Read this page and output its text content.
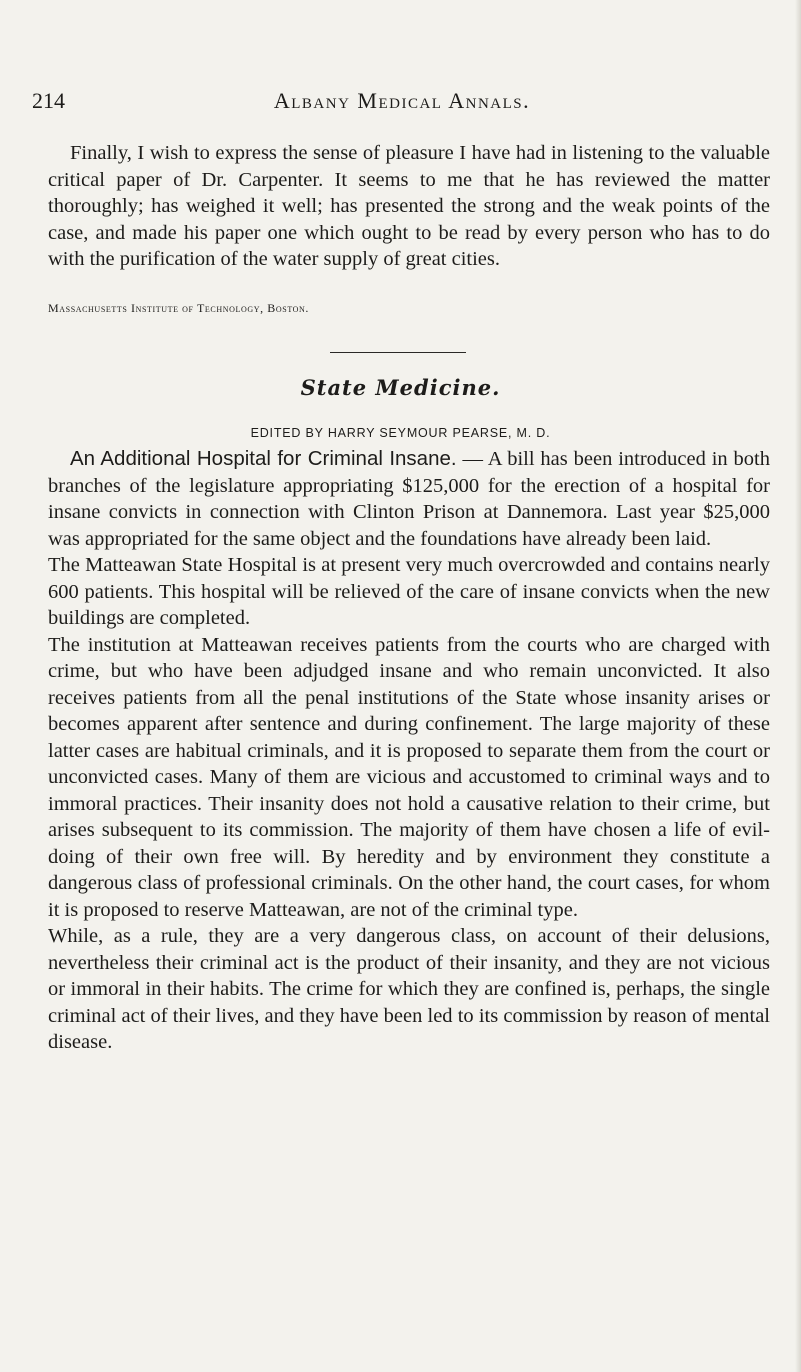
214	Albany Medical Annals.

Finally, I wish to express the sense of pleasure I have had in listening to the valuable critical paper of Dr. Carpenter. It seems to me that he has reviewed the matter thoroughly; has weighed it well; has presented the strong and the weak points of the case, and made his paper one which ought to be read by every person who has to do with the purification of the water supply of great cities.

Massachusetts Institute of Technology, Boston.
State Medicine.
EDITED BY HARRY SEYMOUR PEARSE, M. D.

An Additional Hospital for Criminal Insane. — A bill has been introduced in both branches of the legislature appropriating $125,000 for the erection of a hospital for insane convicts in connection with Clinton Prison at Dannemora. Last year $25,000 was appropriated for the same object and the foundations have already been laid.

The Matteawan State Hospital is at present very much overcrowded and contains nearly 600 patients. This hospital will be relieved of the care of insane convicts when the new buildings are completed.

The institution at Matteawan receives patients from the courts who are charged with crime, but who have been adjudged insane and who remain unconvicted. It also receives patients from all the penal institutions of the State whose insanity arises or becomes apparent after sentence and during confinement. The large majority of these latter cases are habitual criminals, and it is proposed to separate them from the court or unconvicted cases. Many of them are vicious and accustomed to criminal ways and to immoral practices. Their insanity does not hold a causative relation to their crime, but arises subsequent to its commission. The majority of them have chosen a life of evil-doing of their own free will. By heredity and by environment they constitute a dangerous class of professional criminals. On the other hand, the court cases, for whom it is proposed to reserve Matteawan, are not of the criminal type.

While, as a rule, they are a very dangerous class, on account of their delusions, nevertheless their criminal act is the product of their insanity, and they are not vicious or immoral in their habits. The crime for which they are confined is, perhaps, the single criminal act of their lives, and they have been led to its commission by reason of mental disease.
